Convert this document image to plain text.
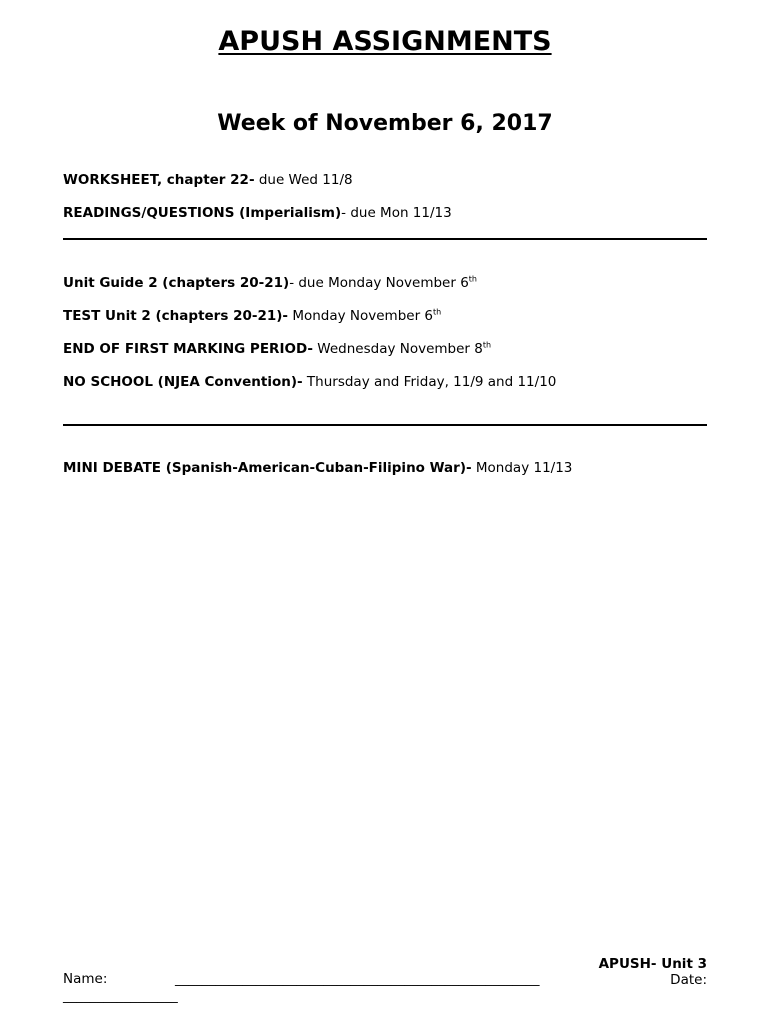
APUSH ASSIGNMENTS
Week of November 6, 2017
WORKSHEET, chapter 22- due Wed 11/8
READINGS/QUESTIONS (Imperialism)- due Mon 11/13
Unit Guide 2 (chapters 20-21)- due Monday November 6th
TEST Unit 2 (chapters 20-21)- Monday November 6th
END OF FIRST MARKING PERIOD- Wednesday November 8th
NO SCHOOL (NJEA Convention)- Thursday and Friday, 11/9 and 11/10
MINI DEBATE (Spanish-American-Cuban-Filipino War)- Monday 11/13
APUSH- Unit 3
Date:
Name:	______________________________________________________
_________________
